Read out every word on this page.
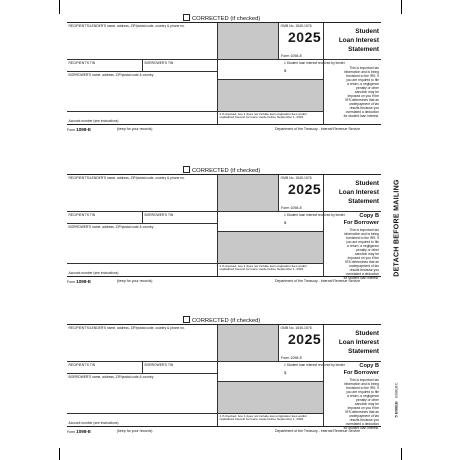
CORRECTED (if checked)
RECIPIENT'S/LENDER'S name, address, ZIP/postal code, country & phone no.	OMB No. 1545-1576
2025
Form 1098-E
Student
Loan Interest
Statement
RECIPIENT'S TIN	BORROWER'S TIN	1 Student loan interest received by lender
$	This is important tax
information and is being
furnished to the IRS. If
you are required to file
a return, a negligence
penalty or other
sanction may be
imposed on you if the
IRS determines that an
underpayment of tax
results because you
overstated a deduction
for student loan interest.
BORROWER'S name, address, ZIP/postal code & country
Account number (see instructions)
2 If checked, box 1 does not include loan origination fees and/or capitalized interest for loans made before September 1, 2004
Form 1098-E	(keep for your records)	Department of the Treasury - Internal Revenue Service
CORRECTED (if checked)
RECIPIENT'S/LENDER'S name, address, ZIP/postal code, country & phone no.	OMB No. 1545-1576
2025
Form 1098-E
Student
Loan Interest
Statement
RECIPIENT'S TIN	BORROWER'S TIN	1 Student loan interest received by lender
$
Copy B
For Borrower
This is important tax
information and is being
furnished to the IRS. If
you are required to file
a return, a negligence
penalty or other
sanction may be
imposed on you if the
IRS determines that an
underpayment of tax
results because you
overstated a deduction
for student loan interest.
BORROWER'S name, address, ZIP/postal code & country
Account number (see instructions)
2 If checked, box 1 does not include loan origination fees and/or capitalized interest for loans made before September 1, 2004
Form 1098-E	(keep for your records)	Department of the Treasury - Internal Revenue Service
CORRECTED (if checked)
RECIPIENT'S/LENDER'S name, address, ZIP/postal code, country & phone no.	OMB No. 1545-1576
2025
Form 1098-E
Student
Loan Interest
Statement
RECIPIENT'S TIN	BORROWER'S TIN	1 Student loan interest received by lender
$
Copy B
For Borrower
This is important tax
information and is being
furnished to the IRS. If
you are required to file
a return, a negligence
penalty or other
sanction may be
imposed on you if the
IRS determines that an
underpayment of tax
results because you
overstated a deduction
for student loan interest.
BORROWER'S name, address, ZIP/postal code & country
Account number (see instructions)
2 If checked, box 1 does not include loan origination fees and/or capitalized interest for loans made before September 1, 2004
Form 1098-E	(keep for your records)	Department of the Treasury - Internal Revenue Service
DETACH BEFORE MAILING
5 B98EB   B98EBC
